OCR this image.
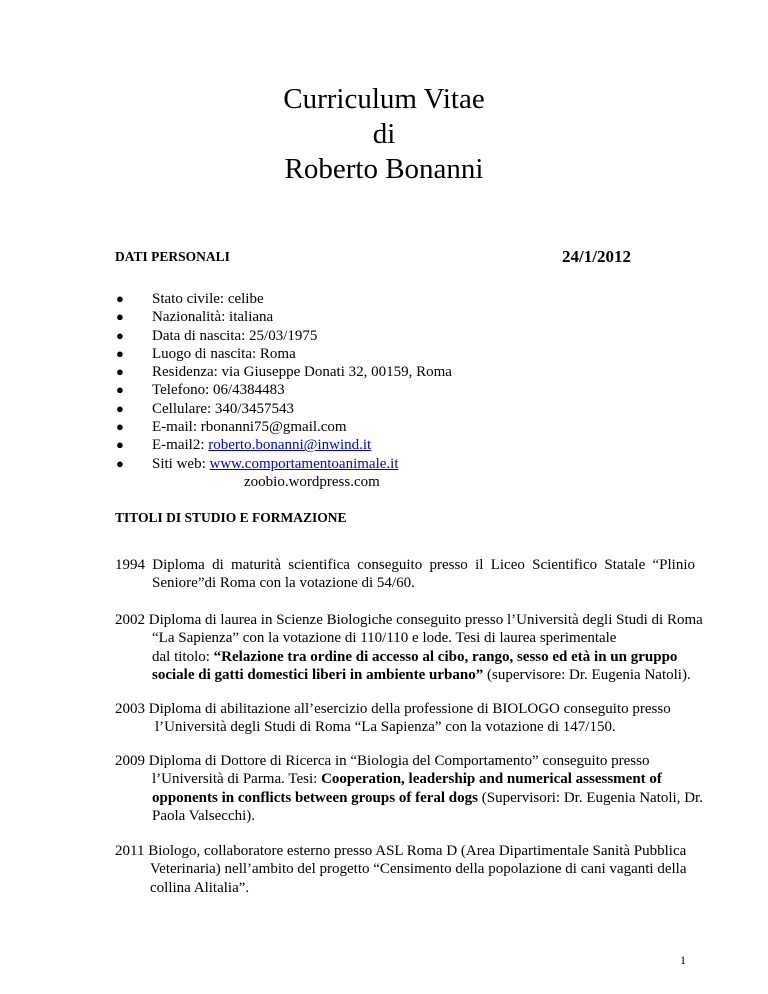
Curriculum Vitae
di
Roberto Bonanni
DATI PERSONALI	24/1/2012
● Stato civile: celibe
● Nazionalità: italiana
● Data di nascita: 25/03/1975
● Luogo di nascita: Roma
● Residenza: via Giuseppe Donati 32, 00159, Roma
● Telefono: 06/4384483
● Cellulare: 340/3457543
● E-mail: rbonanni75@gmail.com
● E-mail2: roberto.bonanni@inwind.it
● Siti web: www.comportamentoanimale.it
zoobio.wordpress.com
TITOLI DI STUDIO E FORMAZIONE
1994 Diploma di maturità scientifica conseguito presso il Liceo Scientifico Statale “Plinio Seniore”di Roma con la votazione di 54/60.
2002 Diploma di laurea in Scienze Biologiche conseguito presso l’Università degli Studi di Roma
“La Sapienza” con la votazione di 110/110 e lode. Tesi di laurea sperimentale
dal titolo: “Relazione tra ordine di accesso al cibo, rango, sesso ed età in un gruppo
sociale di gatti domestici liberi in ambiente urbano” (supervisore: Dr. Eugenia Natoli).
2003 Diploma di abilitazione all’esercizio della professione di BIOLOGO conseguito presso
l’Università degli Studi di Roma “La Sapienza” con la votazione di 147/150.
2009 Diploma di Dottore di Ricerca in “Biologia del Comportamento” conseguito presso
l’Università di Parma. Tesi: Cooperation, leadership and numerical assessment of
opponents in conflicts between groups of feral dogs (Supervisori: Dr. Eugenia Natoli, Dr.
Paola Valsecchi).
2011 Biologo, collaboratore esterno presso ASL Roma D (Area Dipartimentale Sanità Pubblica
Veterinaria) nell’ambito del progetto “Censimento della popolazione di cani vaganti della
collina Alitalia”.
1
